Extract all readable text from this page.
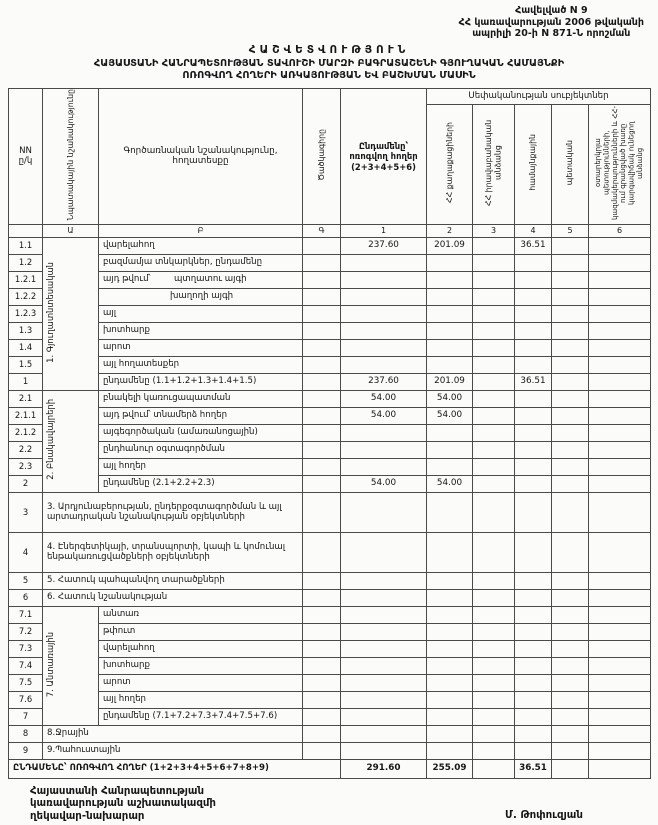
Հավելված N 9
ՀՀ կառավարության 2006 թվականի
ապրիլի 20-ի N 871-Ն որոշման
ՀԱՇՎԵՏՎՈՒԹՅՈՒՆ
ՀԱՅԱՍՏԱՆԻ ՀԱՆՐԱՊԵՏՈՒԹՅԱՆ ՏԱՎՈՒՇԻ ՄԱՐԶԻ ԲԱԳՐԱՏԱՇԵՆԻ ԳՅՈՒՂԱԿԱՆ ՀԱՄԱՅՆՔԻ
ՈՌՈԳՎՈՂ ՀՈՂԵՐԻ ԱՌԿԱՅՈՒԹՅԱՆ ԵՎ ԲԱՇԽՄԱՆ ՄԱՍԻՆ
NN
ը/կ	Նպատակային նշանակությունը	Գործառնական նշանակությունը, հողատեսքը	Ծածկագիրը	Ընդամենը՝ ոռոգվող հողեր (2+3+4+5+6)	Սեփականության սուբյեկտներ				
					ՀՀ քաղաքացիների	ՀՀ իրավաբանական անձանց	համայնքային	պետական	օտարերկրյա պետությունների, կազմակերպությունների և ՀՀ-ում գրանցված խառը կարգավիճակ ունեցող անձանց
	Ա	Բ	Գ	1	2	3	4	5	6
1.1	1. Գյուղատնտեսական	վարելահող		237.60	201.09		36.51		
1.2		բազմամյա տնկարկներ, ընդամենը							
1.2.1		այդ թվում՝ պտղատու այգի							

1.2.2		խաղողի այգի							
1.2.3		այլ							
1.3		խոտհարք							
1.4		արոտ							
1.5		այլ հողատեսքեր							
1		ընդամենը (1.1+1.2+1.3+1.4+1.5)		237.60	201.09		36.51		
2.1	2. Բնակավայրերի	բնակելի կառուցապատման		54.00	54.00				
2.1.1		այդ թվում՝ տնամերձ հողեր		54.00	54.00				
2.1.2		այգեգործական (ամառանոցային)							
2.2		ընդհանուր օգտագործման							
2.3		այլ հողեր							
2		ընդամենը (2.1+2.2+2.3)		54.00	54.00				
3	3. Արդյունաբերության, ընդերքօգտագործման և այլ արտադրական նշանակության օբյեկտների								
4	4. Էներգետիկայի, տրանսպորտի, կապի և կոմունալ ենթակառուցվածքների օբյեկտների								
5	5. Հատուկ պահպանվող տարածքների								
6	6. Հատուկ նշանակության								
7.1	7. Անտառային	անտառ							
7.2		թփուտ							
7.3		վարելահող							
7.4		խոտհարք							
7.5		արոտ							
7.6		այլ հողեր							
7		ընդամենը (7.1+7.2+7.3+7.4+7.5+7.6)							
8	8.Ջրային								
9	9.Պահուստային								
ԸՆԴԱՄԵՆԸ՝ ՈՌՈԳՎՈՂ ՀՈՂԵՐ (1+2+3+4+5+6+7+8+9)				291.60	255.09		36.51		
Հայաստանի Հանրապետության
կառավարության աշխատակազմի
ղեկավար-նախարար	Մ. Թոփուզյան
